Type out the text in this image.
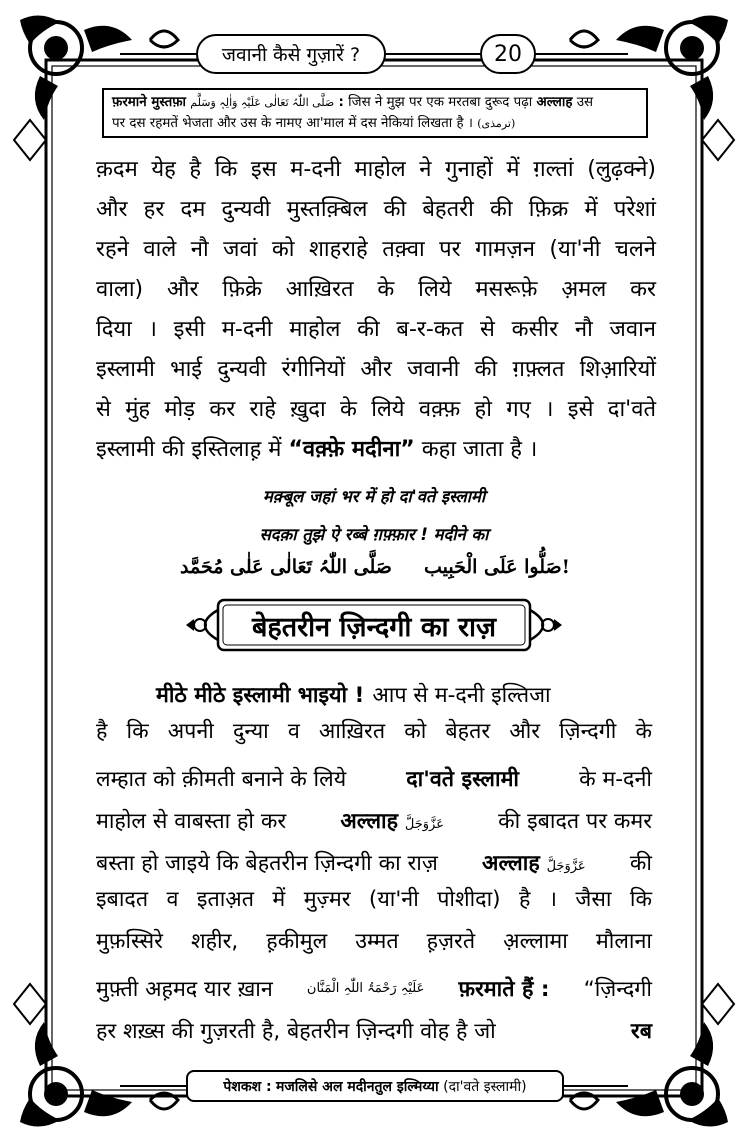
जवानी कैसे गुज़ारें ?	20
फ़रमाने मुस्तफ़ा صَلَّی اللّٰہُ تَعَالٰی عَلَیْہِ وَاٰلِہٖ وَسَلَّم : जिस ने मुझ पर एक मरतबा दुरूद पढ़ा अल्लाह उस
पर दस रहमतें भेजता और उस के नामए आ'माल में दस नेकियां लिखता है । (ترمذی)
क़दम येह है कि इस म-दनी माहोल ने गुनाहों में ग़ल्तां (लुढ़क्ने)
और हर दम दुन्यवी मुस्तक़्बिल की बेहतरी की फ़िक्र में परेशां
रहने वाले नौ जवां को शाहराहे तक़्वा पर गामज़न (या'नी चलने
वाला) और फ़िक्रे आख़िरत के लिये मसरूफ़े अ़मल कर
दिया । इसी म-दनी माहोल की ब-र-कत से कसीर नौ जवान
इस्लामी भाई दुन्यवी रंगीनियों और जवानी की ग़फ़्लत शिआ़रियों
से मुंह मोड़ कर राहे ख़ुदा के लिये वक़्फ़ हो गए । इसे दा'वते
इस्लामी की इस्तिलाह़ में “वक़्फ़े मदीना” कहा जाता है ।
मक़्बूल जहां भर में हो दा'वते इस्लामी
सदक़ा तुझे ऐ रब्बे ग़फ़्फ़ार ! मदीने का
صَلَّی اللّٰہُ تَعَالٰی عَلٰی مُحَمَّد صَلُّوا عَلَی الْحَبِیب!
बेहतरीन ज़िन्दगी का राज़
मीठे मीठे इस्लामी भाइयो ! आप से म-दनी इल्तिजा
है कि अपनी दुन्या व आख़िरत को बेहतर और ज़िन्दगी के
लम्हात को क़ीमती बनाने के लिये	दा'वते इस्लामी	के म-दनी
माहोल से वाबस्ता हो कर	अल्लाह عَزَّوَجَلَّ	की इबादत पर कमर
बस्ता हो जाइये कि बेहतरीन ज़िन्दगी का राज़ अल्लाह عَزَّوَجَلَّ की
इबादत व इताअ़त में मुज़्मर (या'नी पोशीदा) है । जैसा कि
मुफ़स्सिरे शहीर, ह़कीमुल उम्मत ह़ज़रते अ़ल्लामा मौलाना
मुफ़्ती अह़मद यार ख़ान	عَلَیْہِ رَحْمَۃُ اللّٰہِ الْمَنَّان फ़रमाते हैं : “ज़िन्दगी
हर शख़्स की गुज़रती है, बेहतरीन ज़िन्दगी वोह है जो	रब
पेशकश :
मजलिसे अल मदीनतुल इल्मिय्या
(दा'वते इस्लामी)
